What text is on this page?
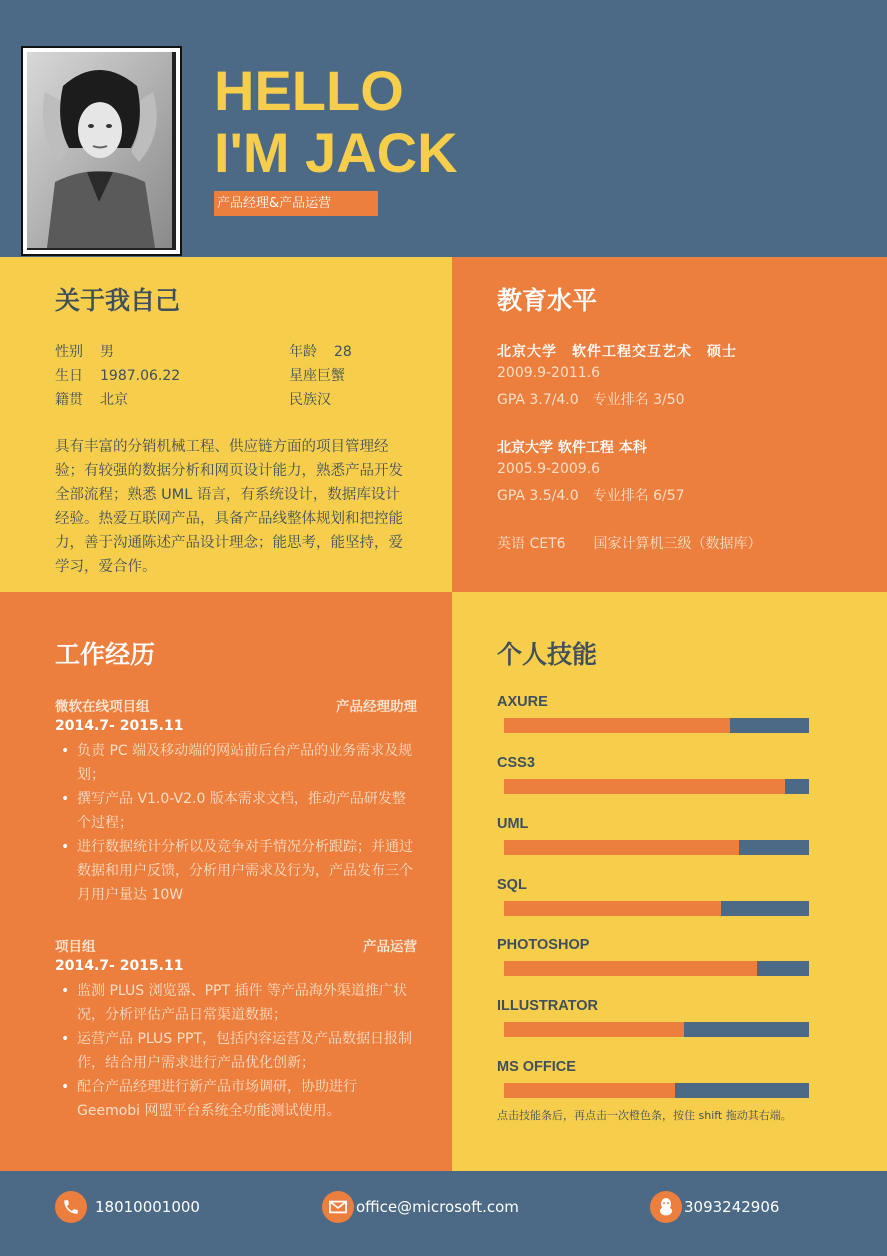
HELLO
I'M JACK
产品经理&产品运营
关于我自己
性别 男	年龄 28
生日 1987.06.22	星座巨蟹
籍贯 北京	民族汉
具有丰富的分销机械工程、供应链方面的项目管理经验；有较强的数据分析和网页设计能力，熟悉产品开发全部流程；熟悉 UML 语言，有系统设计，数据库设计经验。热爱互联网产品，具备产品线整体规划和把控能力，善于沟通陈述产品设计理念；能思考，能坚持，爱学习，爱合作。
教育水平
北京大学　软件工程交互艺术　硕士
2009.9-2011.6
GPA 3.7/4.0　专业排名 3/50
北京大学 软件工程 本科
2005.9-2009.6
GPA 3.5/4.0　专业排名 6/57
英语 CET6　　国家计算机三级（数据库）
工作经历
微软在线项目组	产品经理助理
2014.7- 2015.11
• 负责 PC 端及移动端的网站前后台产品的业务需求及规划；
• 撰写产品 V1.0-V2.0 版本需求文档，推动产品研发整个过程；
• 进行数据统计分析以及竞争对手情况分析跟踪；并通过数据和用户反馈，分析用户需求及行为，产品发布三个月用户量达 10W
项目组	产品运营
2014.7- 2015.11
• 监测 PLUS 浏览器、PPT 插件 等产品海外渠道推广状况，分析评估产品日常渠道数据；
• 运营产品 PLUS PPT，包括内容运营及产品数据日报制作，结合用户需求进行产品优化创新；
• 配合产品经理进行新产品市场调研，协助进行 Geemobi 网盟平台系统全功能测试使用。
个人技能
AXURE
CSS3
UML
SQL
PHOTOSHOP
ILLUSTRATOR
MS OFFICE
点击技能条后，再点击一次橙色条，按住 shift 拖动其右端。
18010001000	office@microsoft.com	3093242906
